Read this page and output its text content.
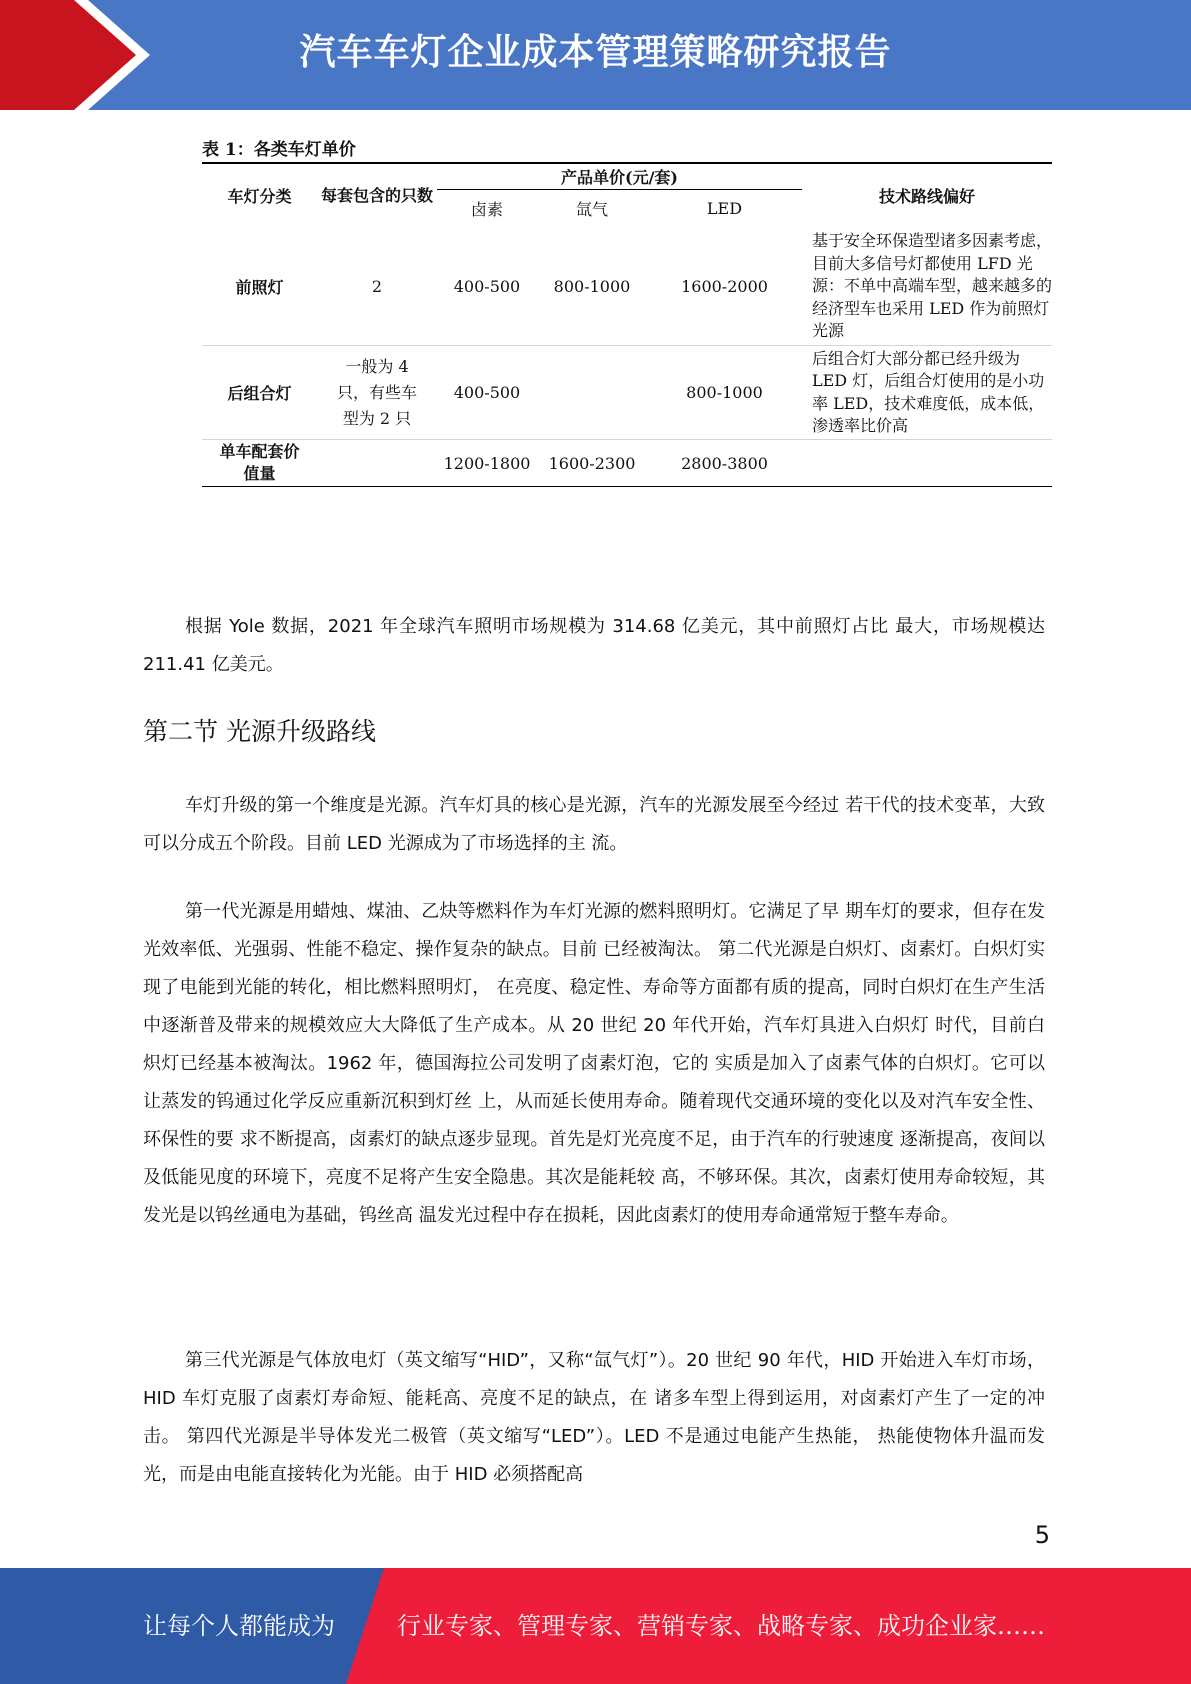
汽车车灯企业成本管理策略研究报告
表 1：各类车灯单价
车灯分类	每套包含的只数	产品单价(元/套)			技术路线偏好
		卤素	氙气	LED	
前照灯	2	400-500	800-1000	1600-2000	基于安全环保造型诸多因素考虑，目前大多信号灯都使用 LFD 光源：不单中高端车型，越来越多的经济型车也采用 LED 作为前照灯光源
后组合灯	一般为 4 只，有些车型为 2 只	400-500		800-1000	后组合灯大部分都已经升级为 LED 灯，后组合灯使用的是小功率 LED，技术难度低，成本低，渗透率比价高
单车配套价值量		1200-1800	1600-2300	2800-3800	

根据 Yole 数据，2021 年全球汽车照明市场规模为 314.68 亿美元，其中前照灯占比 最大，市场规模达 211.41 亿美元。

第二节 光源升级路线

车灯升级的第一个维度是光源。汽车灯具的核心是光源，汽车的光源发展至今经过 若干代的技术变革，大致可以分成五个阶段。目前 LED 光源成为了市场选择的主 流。

第一代光源是用蜡烛、煤油、乙炔等燃料作为车灯光源的燃料照明灯。它满足了早 期车灯的要求，但存在发光效率低、光强弱、性能不稳定、操作复杂的缺点。目前 已经被淘汰。 第二代光源是白炽灯、卤素灯。白炽灯实现了电能到光能的转化，相比燃料照明灯， 在亮度、稳定性、寿命等方面都有质的提高，同时白炽灯在生产生活中逐渐普及带来的规模效应大大降低了生产成本。从 20 世纪 20 年代开始，汽车灯具进入白炽灯 时代，目前白炽灯已经基本被淘汰。1962 年，德国海拉公司发明了卤素灯泡，它的 实质是加入了卤素气体的白炽灯。它可以让蒸发的钨通过化学反应重新沉积到灯丝 上，从而延长使用寿命。随着现代交通环境的变化以及对汽车安全性、环保性的要 求不断提高，卤素灯的缺点逐步显现。首先是灯光亮度不足，由于汽车的行驶速度 逐渐提高，夜间以及低能见度的环境下，亮度不足将产生安全隐患。其次是能耗较 高，不够环保。其次，卤素灯使用寿命较短，其发光是以钨丝通电为基础，钨丝高 温发光过程中存在损耗，因此卤素灯的使用寿命通常短于整车寿命。

第三代光源是气体放电灯（英文缩写“HID”，又称“氙气灯”）。20 世纪 90 年代，HID 开始进入车灯市场， HID 车灯克服了卤素灯寿命短、能耗高、亮度不足的缺点，在 诸多车型上得到运用，对卤素灯产生了一定的冲击。 第四代光源是半导体发光二极管（英文缩写“LED”）。LED 不是通过电能产生热能， 热能使物体升温而发光，而是由电能直接转化为光能。由于 HID 必须搭配高

5
让每个人都能成为	行业专家、管理专家、营销专家、战略专家、成功企业家……
